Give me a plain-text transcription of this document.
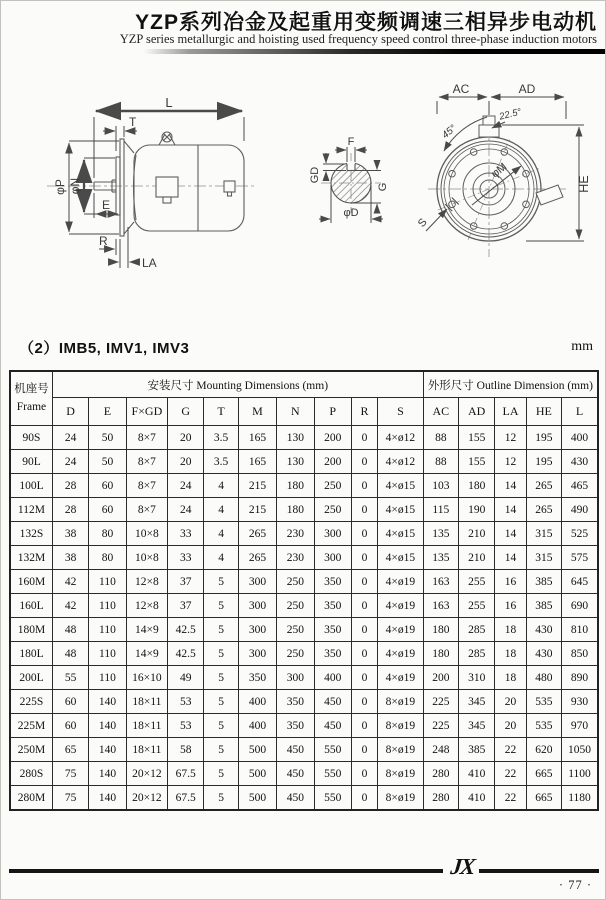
YZP系列冶金及起重用变频调速三相异步电动机
YZP series metallurgic and hoisting used frequency speed control three-phase induction motors
L
T
φP φN
E
R
LA
F
GD
G
φD
AC	AD
45°
22.5°
φM
HE
S
（2）IMB5, IMV1, IMV3	mm
机座号
Frame	安装尺寸 Mounting Dimensions (mm)										外形尺寸 Outline Dimension (mm)				
	D	E	F×GD	G	T	M	N	P	R	S	AC	AD	LA	HE	L
90S	24	50	8×7	20	3.5	165	130	200	0	4×ø12	88	155	12	195	400
90L	24	50	8×7	20	3.5	165	130	200	0	4×ø12	88	155	12	195	430
100L	28	60	8×7	24	4	215	180	250	0	4×ø15	103	180	14	265	465
112M	28	60	8×7	24	4	215	180	250	0	4×ø15	115	190	14	265	490
132S	38	80	10×8	33	4	265	230	300	0	4×ø15	135	210	14	315	525
132M	38	80	10×8	33	4	265	230	300	0	4×ø15	135	210	14	315	575
160M	42	110	12×8	37	5	300	250	350	0	4×ø19	163	255	16	385	645
160L	42	110	12×8	37	5	300	250	350	0	4×ø19	163	255	16	385	690
180M	48	110	14×9	42.5	5	300	250	350	0	4×ø19	180	285	18	430	810
180L	48	110	14×9	42.5	5	300	250	350	0	4×ø19	180	285	18	430	850
200L	55	110	16×10	49	5	350	300	400	0	4×ø19	200	310	18	480	890
225S	60	140	18×11	53	5	400	350	450	0	8×ø19	225	345	20	535	930
225M	60	140	18×11	53	5	400	350	450	0	8×ø19	225	345	20	535	970
250M	65	140	18×11	58	5	500	450	550	0	8×ø19	248	385	22	620	1050
280S	75	140	20×12	67.5	5	500	450	550	0	8×ø19	280	410	22	665	1100
280M	75	140	20×12	67.5	5	500	450	550	0	8×ø19	280	410	22	665	1180
JX
· 77 ·
